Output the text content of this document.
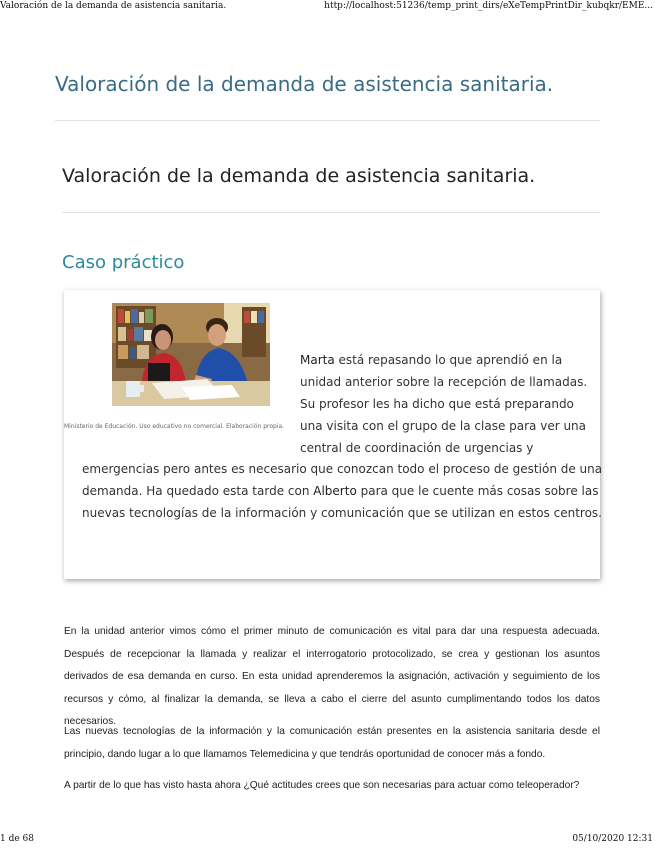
Valoración de la demanda de asistencia sanitaria.	http://localhost:51236/temp_print_dirs/eXeTempPrintDir_kubqkr/EME...
Valoración de la demanda de asistencia sanitaria.
Valoración de la demanda de asistencia sanitaria.
Caso práctico
Ministerio de Educación. Uso educativo no comercial. Elaboración propia.
Marta está repasando lo que aprendió en la
unidad anterior sobre la recepción de llamadas.
Su profesor les ha dicho que está preparando
una visita con el grupo de la clase para ver una
central de coordinación de urgencias y
emergencias pero antes es necesario que conozcan todo el proceso de gestión de una
demanda. Ha quedado esta tarde con Alberto para que le cuente más cosas sobre las
nuevas tecnologías de la información y comunicación que se utilizan en estos centros.

En la unidad anterior vimos cómo el primer minuto de comunicación es vital para dar una respuesta adecuada. Después de recepcionar la llamada y realizar el interrogatorio protocolizado, se crea y gestionan los asuntos derivados de esa demanda en curso. En esta unidad aprenderemos la asignación, activación y seguimiento de los recursos y cómo, al finalizar la demanda, se lleva a cabo el cierre del asunto cumplimentando todos los datos necesarios.

Las nuevas tecnologías de la información y la comunicación están presentes en la asistencia sanitaria desde el principio, dando lugar a lo que llamamos Telemedicina y que tendrás oportunidad de conocer más a fondo.

A partir de lo que has visto hasta ahora ¿Qué actitudes crees que son necesarias para actuar como teleoperador?

1 de 68	05/10/2020 12:31
